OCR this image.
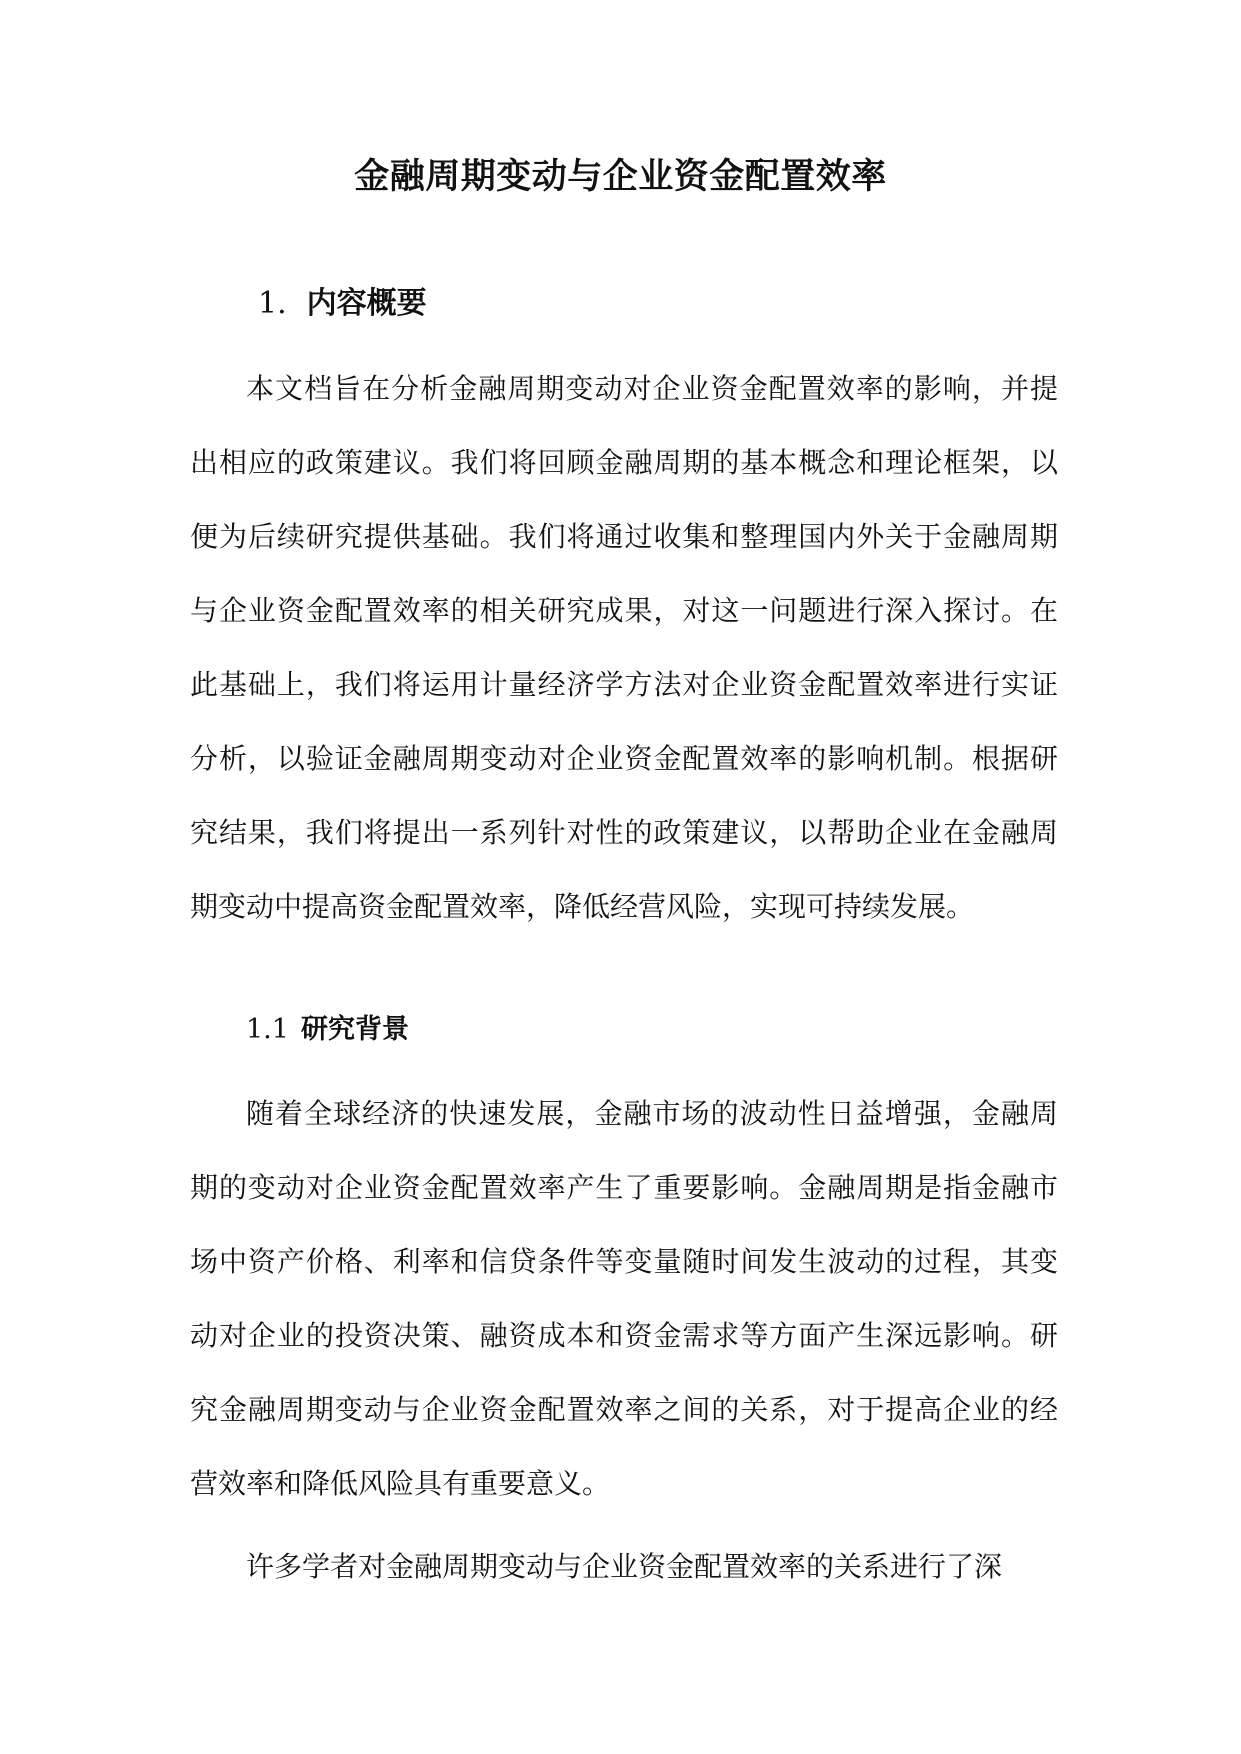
金融周期变动与企业资金配置效率
1. 内容概要
本文档旨在分析金融周期变动对企业资金配置效率的影响，并提
出相应的政策建议。我们将回顾金融周期的基本概念和理论框架，以
便为后续研究提供基础。我们将通过收集和整理国内外关于金融周期
与企业资金配置效率的相关研究成果，对这一问题进行深入探讨。在
此基础上，我们将运用计量经济学方法对企业资金配置效率进行实证
分析，以验证金融周期变动对企业资金配置效率的影响机制。根据研
究结果，我们将提出一系列针对性的政策建议，以帮助企业在金融周
期变动中提高资金配置效率，降低经营风险，实现可持续发展。
1.1 研究背景
随着全球经济的快速发展，金融市场的波动性日益增强，金融周
期的变动对企业资金配置效率产生了重要影响。金融周期是指金融市
场中资产价格、利率和信贷条件等变量随时间发生波动的过程，其变
动对企业的投资决策、融资成本和资金需求等方面产生深远影响。研
究金融周期变动与企业资金配置效率之间的关系，对于提高企业的经
营效率和降低风险具有重要意义。
许多学者对金融周期变动与企业资金配置效率的关系进行了深
